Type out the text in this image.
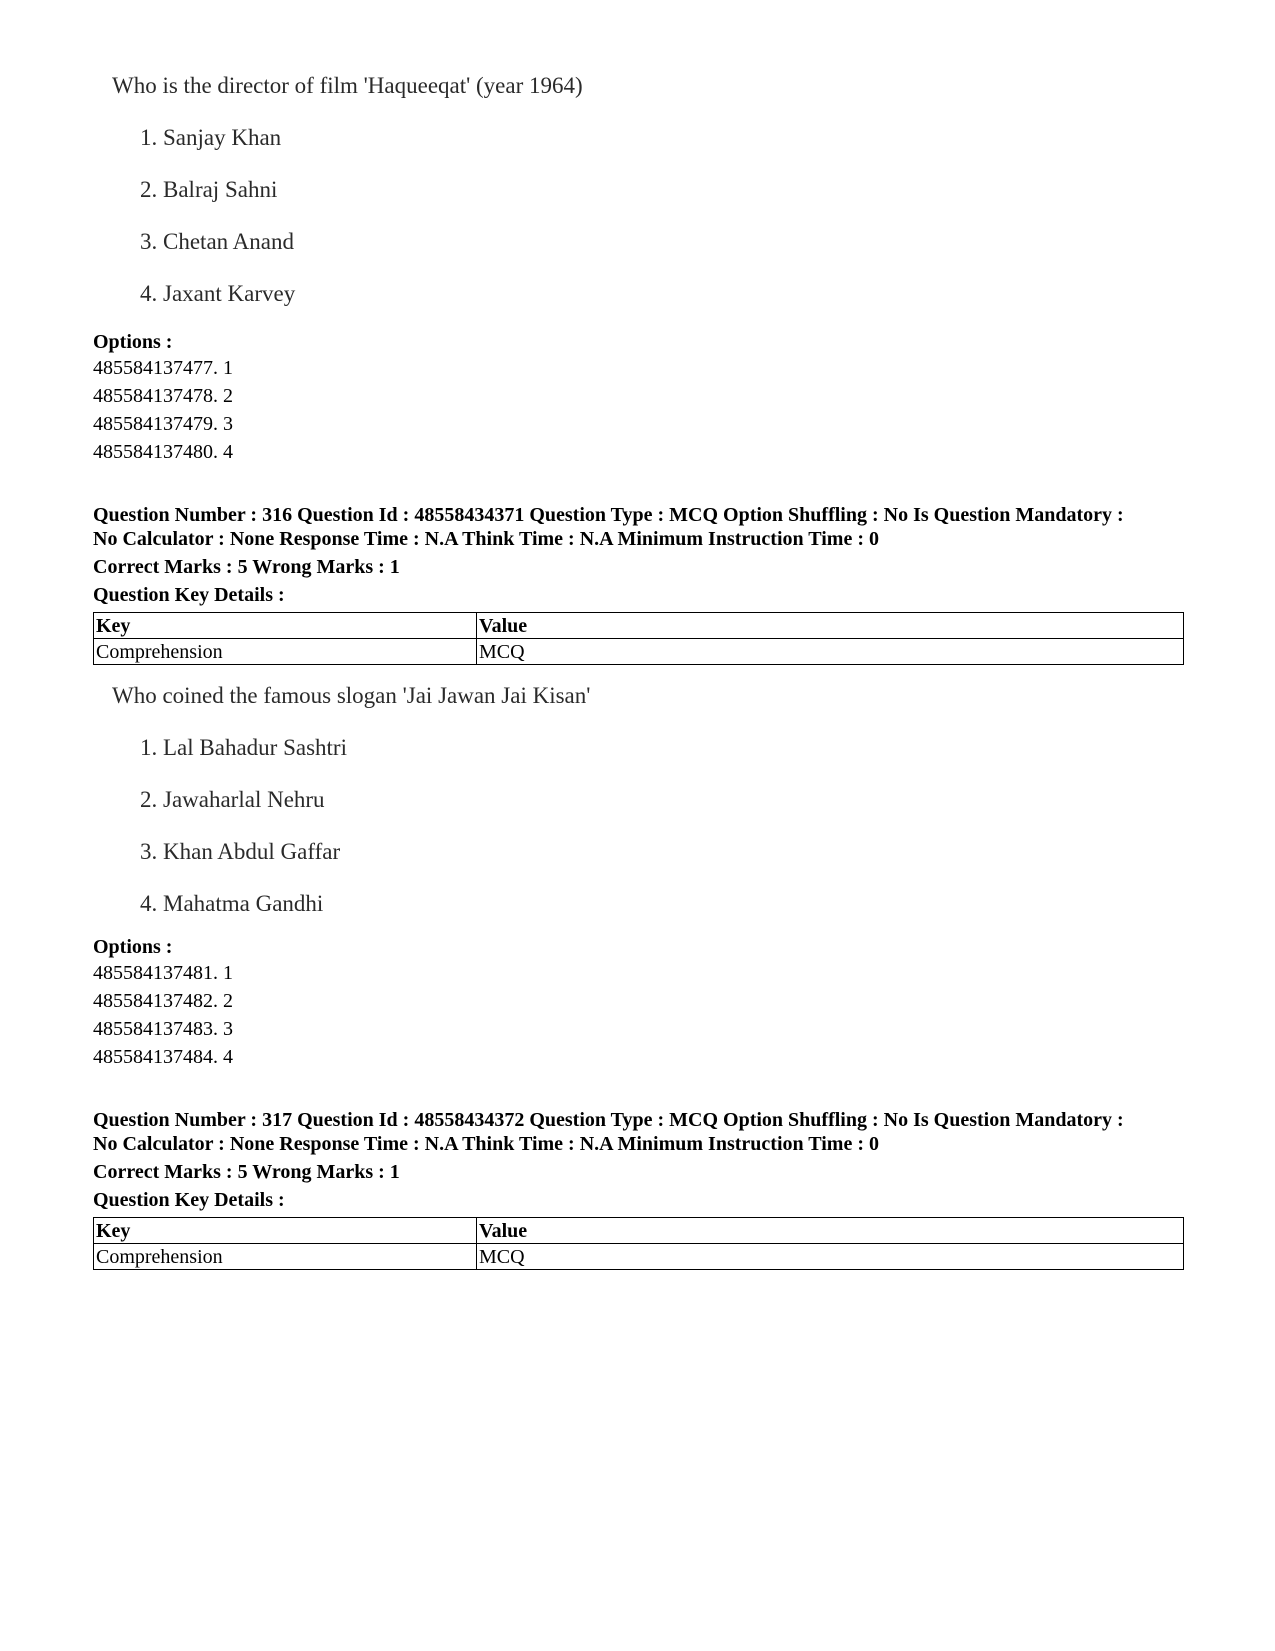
Who is the director of film 'Haqueeqat' (year 1964)
1. Sanjay Khan
2. Balraj Sahni
3. Chetan Anand
4. Jaxant Karvey
Options :
485584137477. 1
485584137478. 2
485584137479. 3
485584137480. 4
Question Number : 316 Question Id : 48558434371 Question Type : MCQ Option Shuffling : No Is Question Mandatory :
No Calculator : None Response Time : N.A Think Time : N.A Minimum Instruction Time : 0
Correct Marks : 5 Wrong Marks : 1
Question Key Details :
Key	Value
Comprehension	MCQ
Who coined the famous slogan 'Jai Jawan Jai Kisan'
1. Lal Bahadur Sashtri
2. Jawaharlal Nehru
3. Khan Abdul Gaffar
4. Mahatma Gandhi
Options :
485584137481. 1
485584137482. 2
485584137483. 3
485584137484. 4
Question Number : 317 Question Id : 48558434372 Question Type : MCQ Option Shuffling : No Is Question Mandatory :
No Calculator : None Response Time : N.A Think Time : N.A Minimum Instruction Time : 0
Correct Marks : 5 Wrong Marks : 1
Question Key Details :
Key	Value
Comprehension	MCQ
